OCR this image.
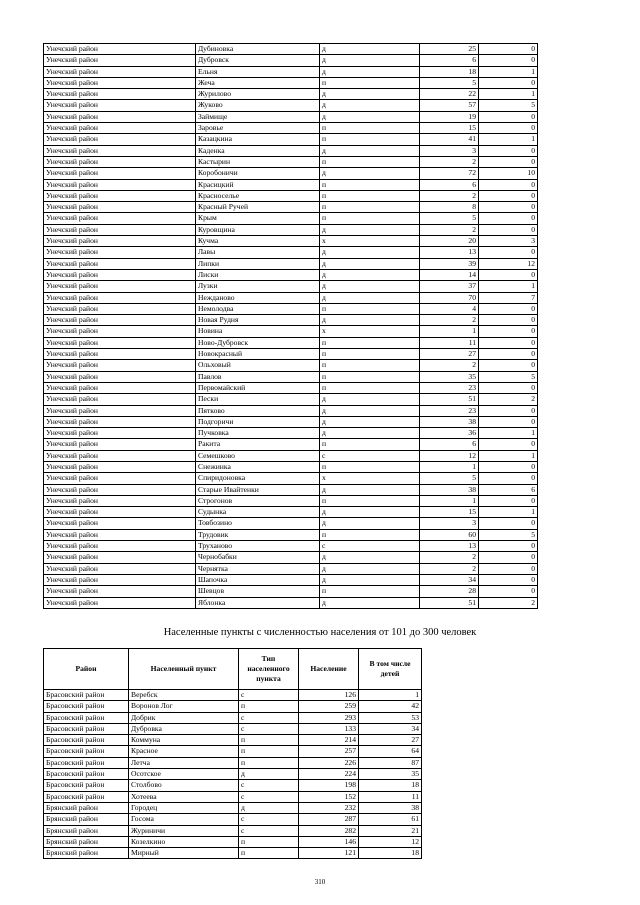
Унечский район	Дубиновка	д	25	0
Унечский район	Дубровск	д	6	0
Унечский район	Ельня	д	18	1
Унечский район	Жеча	п	5	0
Унечский район	Журилово	д	22	1
Унечский район	Жуково	д	57	5
Унечский район	Займище	д	19	0
Унечский район	Заровье	п	15	0
Унечский район	Казацкина	п	41	1
Унечский район	Каденка	д	3	0
Унечский район	Кастырин	п	2	0
Унечский район	Коробоничи	д	72	10
Унечский район	Красицкий	п	6	0
Унечский район	Красноселье	п	2	0
Унечский район	Красный Ручей	п	8	0
Унечский район	Крым	п	5	0
Унечский район	Куровщина	д	2	0
Унечский район	Кучма	х	20	3
Унечский район	Лавы	д	13	0
Унечский район	Липки	д	39	12
Унечский район	Лиски	д	14	0
Унечский район	Лузки	д	37	1
Унечский район	Нежданово	д	70	7
Унечский район	Немолодва	п	4	0
Унечский район	Новая Рудня	д	2	0
Унечский район	Новина	х	1	0
Унечский район	Ново-Дубровск	п	11	0
Унечский район	Новокрасный	п	27	0
Унечский район	Ольховый	п	2	0
Унечский район	Павлов	п	35	5
Унечский район	Первомайский	п	23	0
Унечский район	Пески	д	51	2
Унечский район	Пятково	д	23	0
Унечский район	Подгоричи	д	38	0
Унечский район	Пучковка	д	36	1
Унечский район	Ракита	п	6	0
Унечский район	Семешково	с	12	1
Унечский район	Снежинка	п	1	0
Унечский район	Спиридоновка	х	5	0
Унечский район	Старые Ивайтенки	д	38	6
Унечский район	Строгонов	п	1	0
Унечский район	Судынка	д	15	1
Унечский район	Товбозино	д	3	0
Унечский район	Трудовик	п	60	5
Унечский район	Труханово	с	13	0
Унечский район	Чернобабки	д	2	0
Унечский район	Чернятка	д	2	0
Унечский район	Шапочка	д	34	0
Унечский район	Шевцов	п	28	0
Унечский район	Яблонка	д	51	2
Населенные пункты с численностью населения от 101 до 300 человек
Район	Населенный пункт	Тип населенного пункта	Население	В том числе детей
Брасовский район	Веребск	с	126	1
Брасовский район	Воронов Лог	п	259	42
Брасовский район	Добрик	с	293	53
Брасовский район	Дубровка	с	133	34
Брасовский район	Коммуна	п	214	27
Брасовский район	Красное	п	257	64
Брасовский район	Летча	п	226	87
Брасовский район	Осотское	д	224	35
Брасовский район	Столбово	с	198	18
Брасовский район	Хотеева	с	152	11
Брянский район	Городец	д	232	38
Брянский район	Госома	с	287	61
Брянский район	Журиничи	с	282	21
Брянский район	Козелкино	п	146	12
Брянский район	Мирный	п	121	18
310
